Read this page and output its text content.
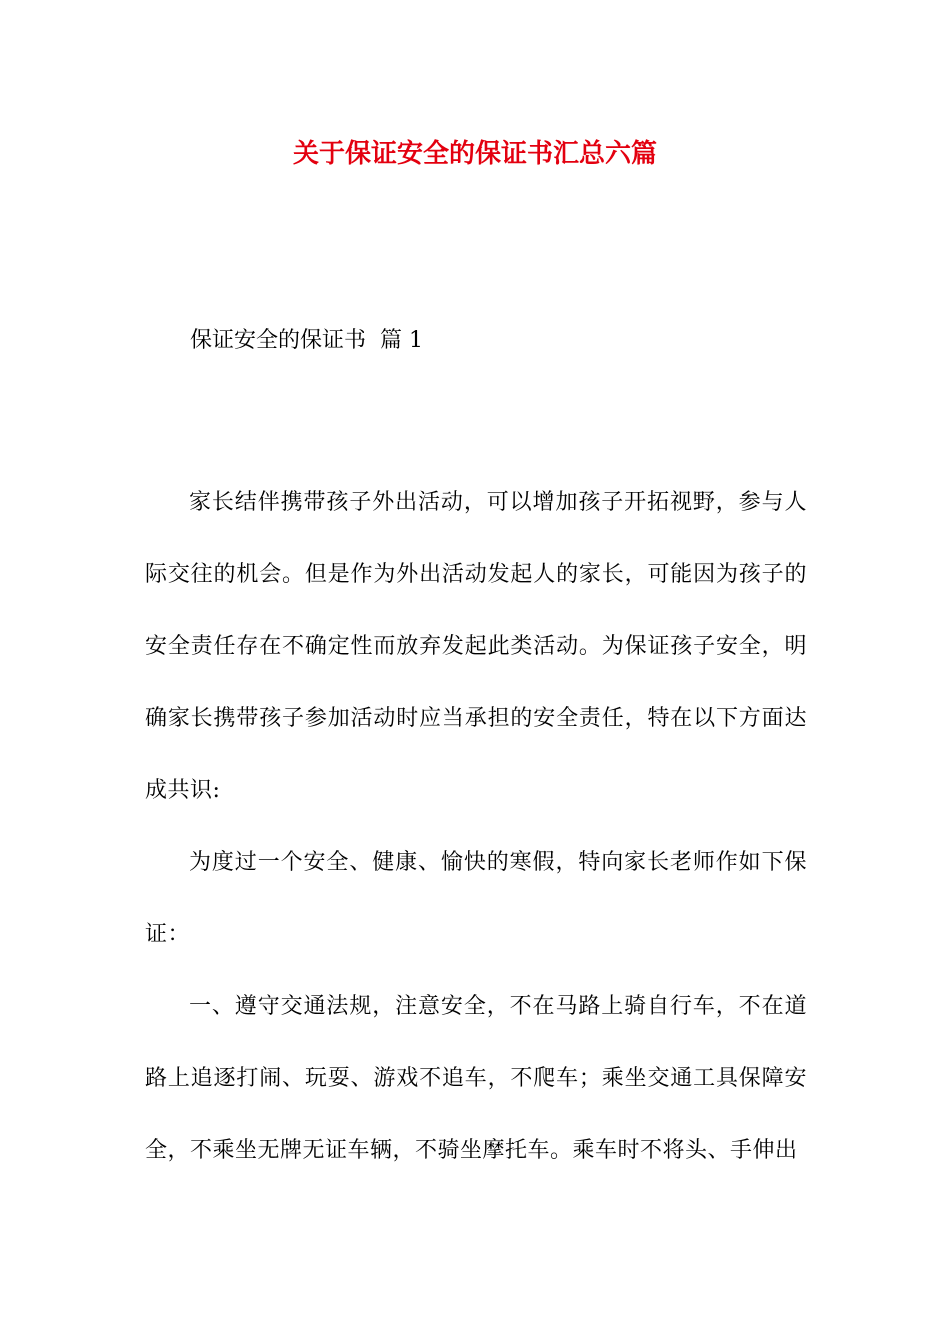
关于保证安全的保证书汇总六篇

保证安全的保证书  篇 1

家长结伴携带孩子外出活动，可以增加孩子开拓视野，参与人际交往的机会。但是作为外出活动发起人的家长，可能因为孩子的安全责任存在不确定性而放弃发起此类活动。为保证孩子安全，明确家长携带孩子参加活动时应当承担的安全责任，特在以下方面达成共识:

为度过一个安全、健康、愉快的寒假，特向家长老师作如下保证：

一、遵守交通法规，注意安全，不在马路上骑自行车，不在道路上追逐打闹、玩耍、游戏不追车，不爬车；乘坐交通工具保障安全，不乘坐无牌无证车辆，不骑坐摩托车。乘车时不将头、手伸出
